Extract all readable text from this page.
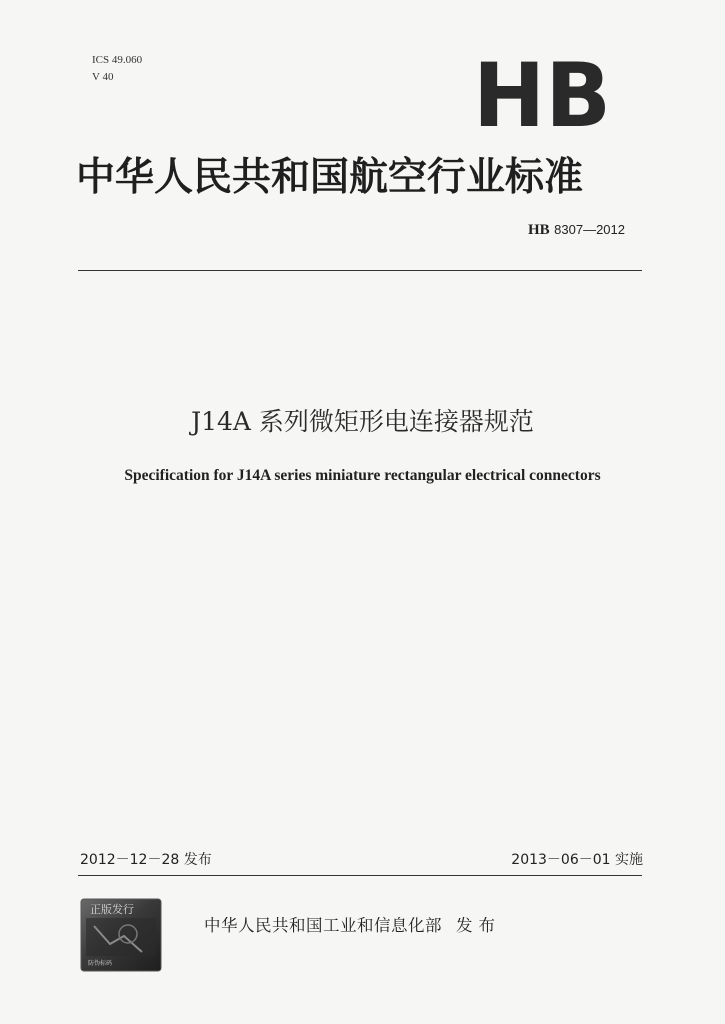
ICS 49.060
V 40	HB
中华人民共和国航空行业标准
HB 8307—2012
J14A 系列微矩形电连接器规范
Specification for J14A series miniature rectangular electrical connectors
2012－12－28 发布	2013－06－01 实施
正版发行
防伪标码
中华人民共和国工业和信息化部 发布
